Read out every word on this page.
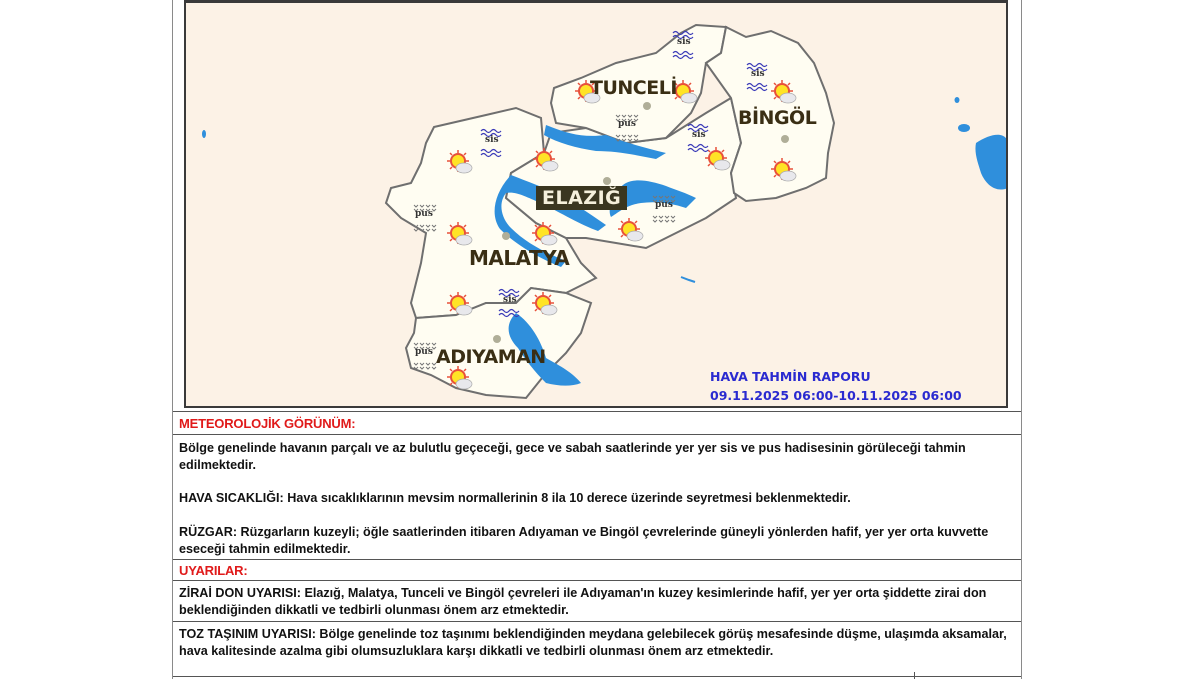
sis
sis
sis
sis
sis
pus
pus
pus
pus
TUNCELİ
BİNGÖL
ELAZIĞ
MALATYA
ADIYAMAN
HAVA TAHMİN RAPORU
09.11.2025 06:00-10.11.2025 06:00
METEOROLOJİK GÖRÜNÜM:
Bölge genelinde havanın parçalı ve az bulutlu geçeceği, gece ve sabah saatlerinde yer yer sis ve pus hadisesinin görüleceği tahmin edilmektedir.
HAVA SICAKLIĞI: Hava sıcaklıklarının mevsim normallerinin 8 ila 10 derece üzerinde seyretmesi beklenmektedir.
RÜZGAR: Rüzgarların kuzeyli; öğle saatlerinden itibaren Adıyaman ve Bingöl çevrelerinde güneyli yönlerden hafif, yer yer orta kuvvette eseceği tahmin edilmektedir.
UYARILAR:
ZİRAİ DON UYARISI: Elazığ, Malatya, Tunceli ve Bingöl çevreleri ile Adıyaman'ın kuzey kesimlerinde hafif, yer yer orta şiddette zirai don beklendiğinden dikkatli ve tedbirli olunması önem arz etmektedir.
TOZ TAŞINIM UYARISI: Bölge genelinde toz taşınımı beklendiğinden meydana gelebilecek görüş mesafesinde düşme, ulaşımda aksamalar, hava kalitesinde azalma gibi olumsuzluklara karşı dikkatli ve tedbirli olunması önem arz etmektedir.
